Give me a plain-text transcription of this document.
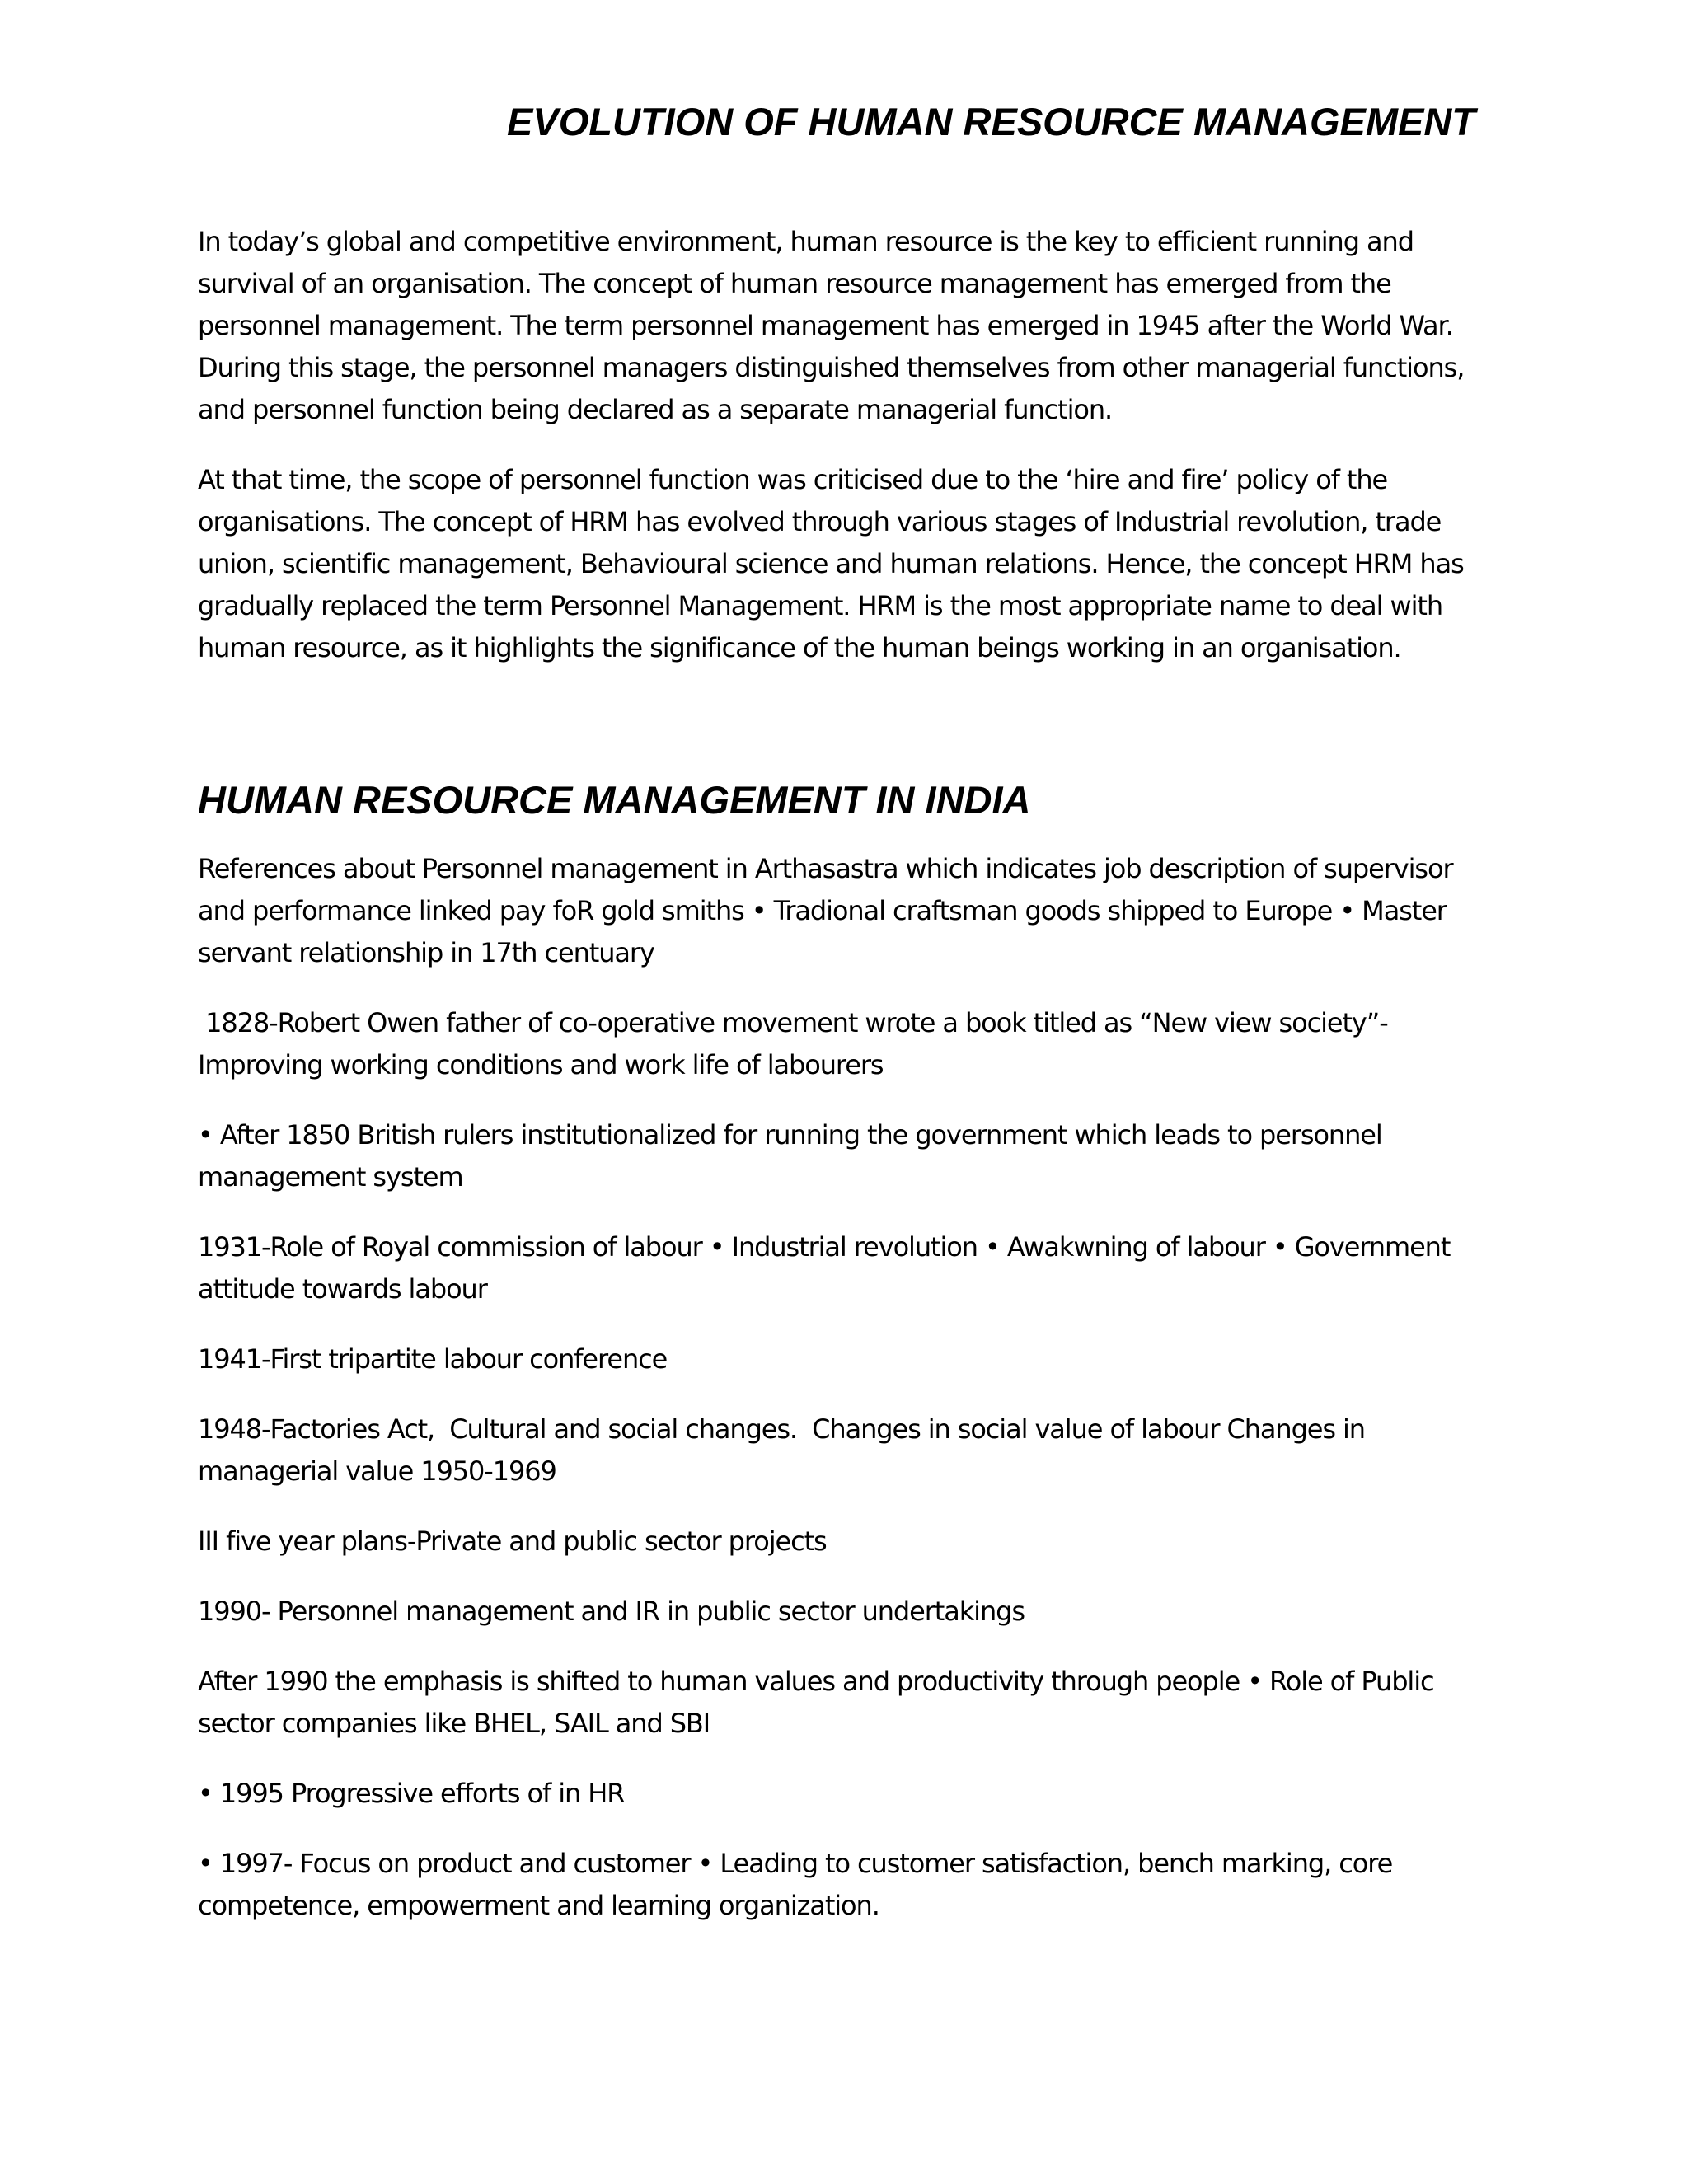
EVOLUTION OF HUMAN RESOURCE MANAGEMENT

In today’s global and competitive environment, human resource is the key to efficient running and survival of an organisation. The concept of human resource management has emerged from the personnel management. The term personnel management has emerged in 1945 after the World War. During this stage, the personnel managers distinguished themselves from other managerial functions, and personnel function being declared as a separate managerial function.

At that time, the scope of personnel function was criticised due to the ‘hire and fire’ policy of the organisations. The concept of HRM has evolved through various stages of Industrial revolution, trade union, scientific management, Behavioural science and human relations. Hence, the concept HRM has gradually replaced the term Personnel Management. HRM is the most appropriate name to deal with human resource, as it highlights the significance of the human beings working in an organisation.

HUMAN RESOURCE MANAGEMENT IN INDIA

References about Personnel management in Arthasastra which indicates job description of supervisor and performance linked pay foR gold smiths • Tradional craftsman goods shipped to Europe • Master servant relationship in 17th centuary

1828-Robert Owen father of co-operative movement wrote a book titled as “New view society”- Improving working conditions and work life of labourers

• After 1850 British rulers institutionalized for running the government which leads to personnel management system

1931-Role of Royal commission of labour • Industrial revolution • Awakwning of labour • Government attitude towards labour

1941-First tripartite labour conference

1948-Factories Act,  Cultural and social changes.  Changes in social value of labour Changes in managerial value 1950-1969

III five year plans-Private and public sector projects

1990- Personnel management and IR in public sector undertakings

After 1990 the emphasis is shifted to human values and productivity through people • Role of Public sector companies like BHEL, SAIL and SBI

• 1995 Progressive efforts of in HR

• 1997- Focus on product and customer • Leading to customer satisfaction, bench marking, core competence, empowerment and learning organization.
